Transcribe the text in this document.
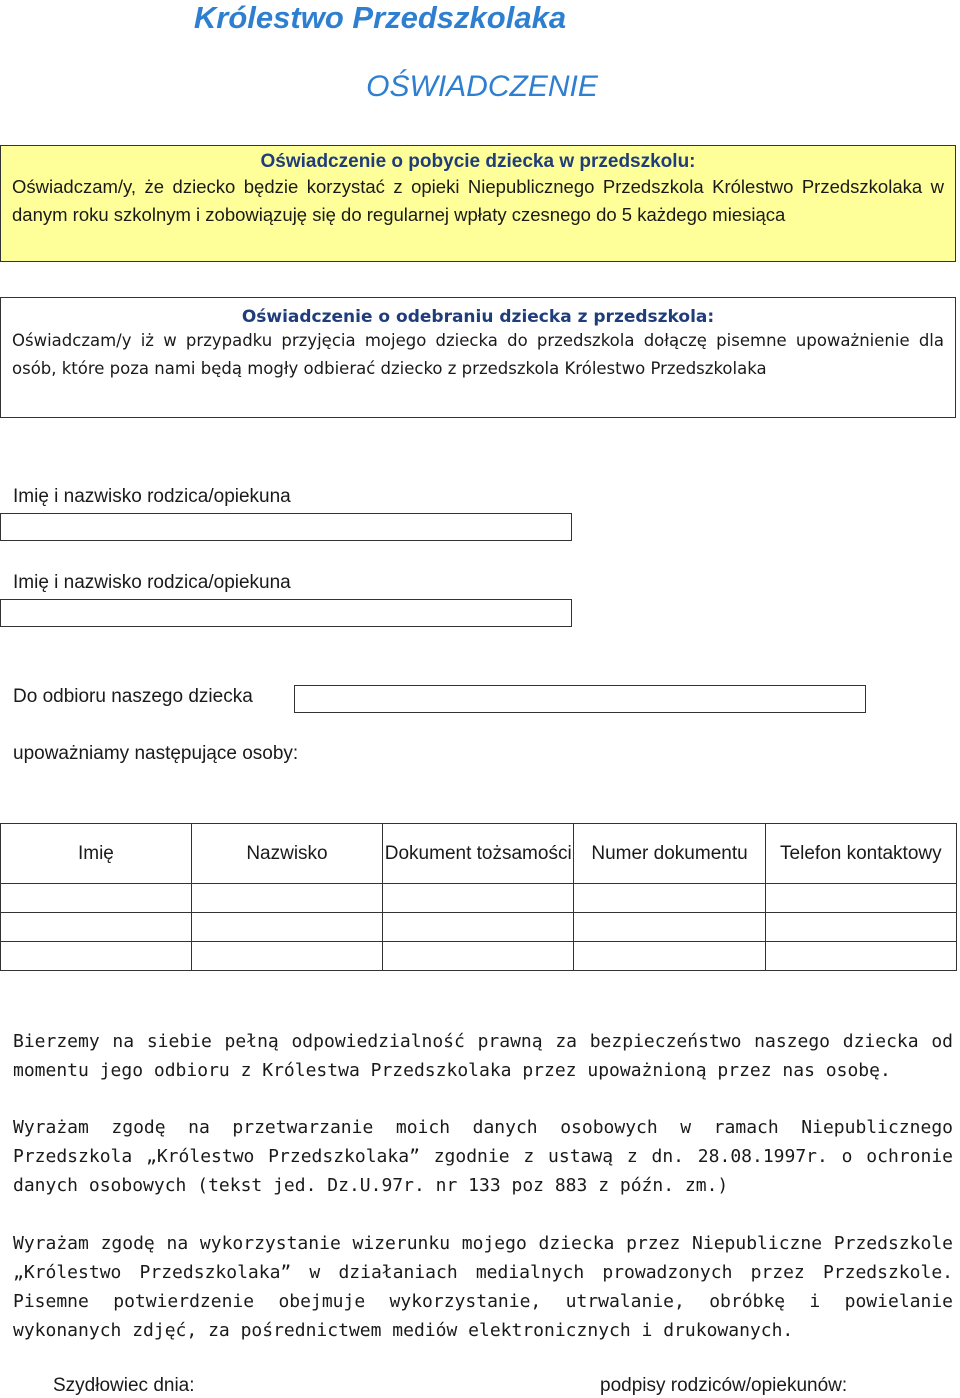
Królestwo Przedszkolaka
OŚWIADCZENIE
Oświadczenie o pobycie dziecka w przedszkolu:
Oświadczam/y, że dziecko będzie korzystać z opieki Niepublicznego Przedszkola Królestwo Przedszkolaka w danym roku szkolnym i zobowiązuję się do regularnej wpłaty czesnego do 5 każdego miesiąca
Oświadczenie o odebraniu dziecka z przedszkola:
Oświadczam/y iż w przypadku przyjęcia mojego dziecka do przedszkola dołączę pisemne upoważnienie dla osób, które poza nami będą mogły odbierać dziecko z przedszkola Królestwo Przedszkolaka
Imię i nazwisko rodzica/opiekuna
Imię i nazwisko rodzica/opiekuna
Do odbioru naszego dziecka
upoważniamy następujące osoby:
Imię	Nazwisko	Dokument tożsamości	Numer dokumentu	Telefon kontaktowy

Bierzemy na siebie pełną odpowiedzialność prawną za bezpieczeństwo naszego dziecka od momentu jego odbioru z Królestwa Przedszkolaka przez upoważnioną przez nas osobę.
Wyrażam zgodę na przetwarzanie moich danych osobowych w ramach Niepublicznego Przedszkola „Królestwo Przedszkolaka” zgodnie z ustawą z dn. 28.08.1997r. o ochronie danych osobowych (tekst jed. Dz.U.97r. nr 133 poz 883 z późn. zm.)
Wyrażam zgodę na wykorzystanie wizerunku mojego dziecka przez Niepubliczne Przedszkole „Królestwo Przedszkolaka” w działaniach medialnych prowadzonych przez Przedszkole. Pisemne potwierdzenie obejmuje wykorzystanie, utrwalanie, obróbkę i powielanie wykonanych zdjęć, za pośrednictwem mediów elektronicznych i drukowanych.
Szydłowiec dnia:	podpisy rodziców/opiekunów:
